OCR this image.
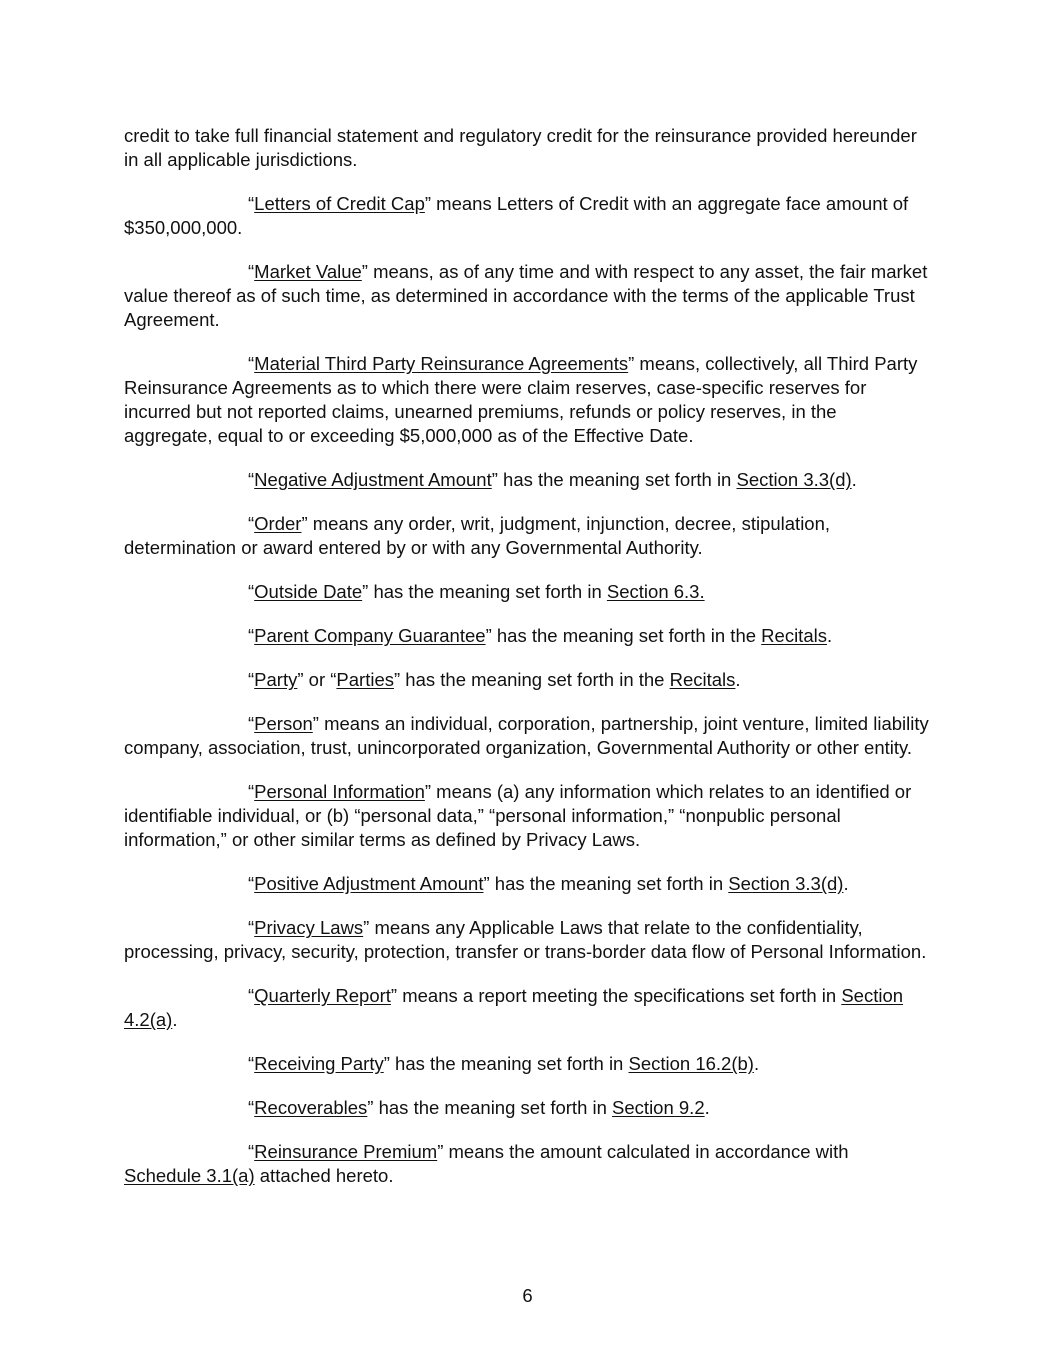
credit to take full financial statement and regulatory credit for the reinsurance provided hereunder in all applicable jurisdictions.

“Letters of Credit Cap” means Letters of Credit with an aggregate face amount of $350,000,000.

“Market Value” means, as of any time and with respect to any asset, the fair market value thereof as of such time, as determined in accordance with the terms of the applicable Trust Agreement.

“Material Third Party Reinsurance Agreements” means, collectively, all Third Party Reinsurance Agreements as to which there were claim reserves, case-specific reserves for incurred but not reported claims, unearned premiums, refunds or policy reserves, in the aggregate, equal to or exceeding $5,000,000 as of the Effective Date.

“Negative Adjustment Amount” has the meaning set forth in Section 3.3(d).

“Order” means any order, writ, judgment, injunction, decree, stipulation, determination or award entered by or with any Governmental Authority.

“Outside Date” has the meaning set forth in Section 6.3.

“Parent Company Guarantee” has the meaning set forth in the Recitals.

“Party” or “Parties” has the meaning set forth in the Recitals.

“Person” means an individual, corporation, partnership, joint venture, limited liability company, association, trust, unincorporated organization, Governmental Authority or other entity.

“Personal Information” means (a) any information which relates to an identified or identifiable individual, or (b) “personal data,” “personal information,” “nonpublic personal information,” or other similar terms as defined by Privacy Laws.

“Positive Adjustment Amount” has the meaning set forth in Section 3.3(d).

“Privacy Laws” means any Applicable Laws that relate to the confidentiality, processing, privacy, security, protection, transfer or trans-border data flow of Personal Information.

“Quarterly Report” means a report meeting the specifications set forth in Section 4.2(a).

“Receiving Party” has the meaning set forth in Section 16.2(b).

“Recoverables” has the meaning set forth in Section 9.2.

“Reinsurance Premium” means the amount calculated in accordance with Schedule 3.1(a) attached hereto.

6
